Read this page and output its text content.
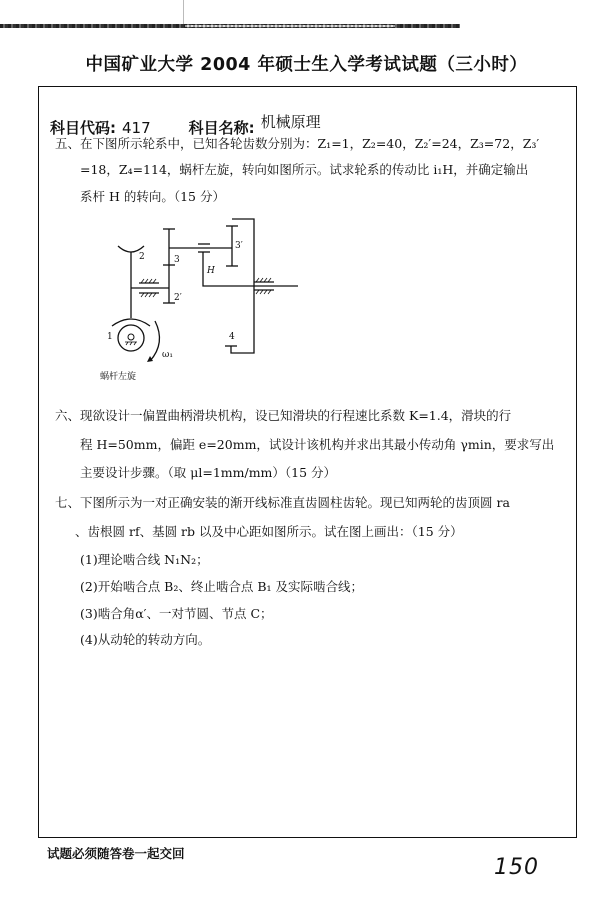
中国矿业大学 2004 年硕士生入学考试试题（三小时）
科目代码: 417	科目名称: 机械原理
五、在下图所示轮系中，已知各轮齿数分别为：Z₁=1，Z₂=40，Z₂′=24，Z₃=72，Z₃′
=18，Z₄=114，蜗杆左旋，转向如图所示。试求轮系的传动比 i₁H，并确定输出
系杆 H 的转向。（15 分）
2	3
2′
3′
H
4
1
ω₁
蜗杆左旋
六、现欲设计一偏置曲柄滑块机构，设已知滑块的行程速比系数 K=1.4，滑块的行
程 H=50mm，偏距 e=20mm，试设计该机构并求出其最小传动角 γmin，要求写出
主要设计步骤。（取 μl=1mm/mm）（15 分）
七、下图所示为一对正确安装的渐开线标准直齿圆柱齿轮。现已知两轮的齿顶圆 ra
、齿根圆 rf、基圆 rb 以及中心距如图所示。试在图上画出：（15 分）
(1)理论啮合线 N₁N₂；
(2)开始啮合点 B₂、终止啮合点 B₁ 及实际啮合线；
(3)啮合角α′、一对节圆、节点 C；
(4)从动轮的转动方向。
试题必须随答卷一起交回
150
